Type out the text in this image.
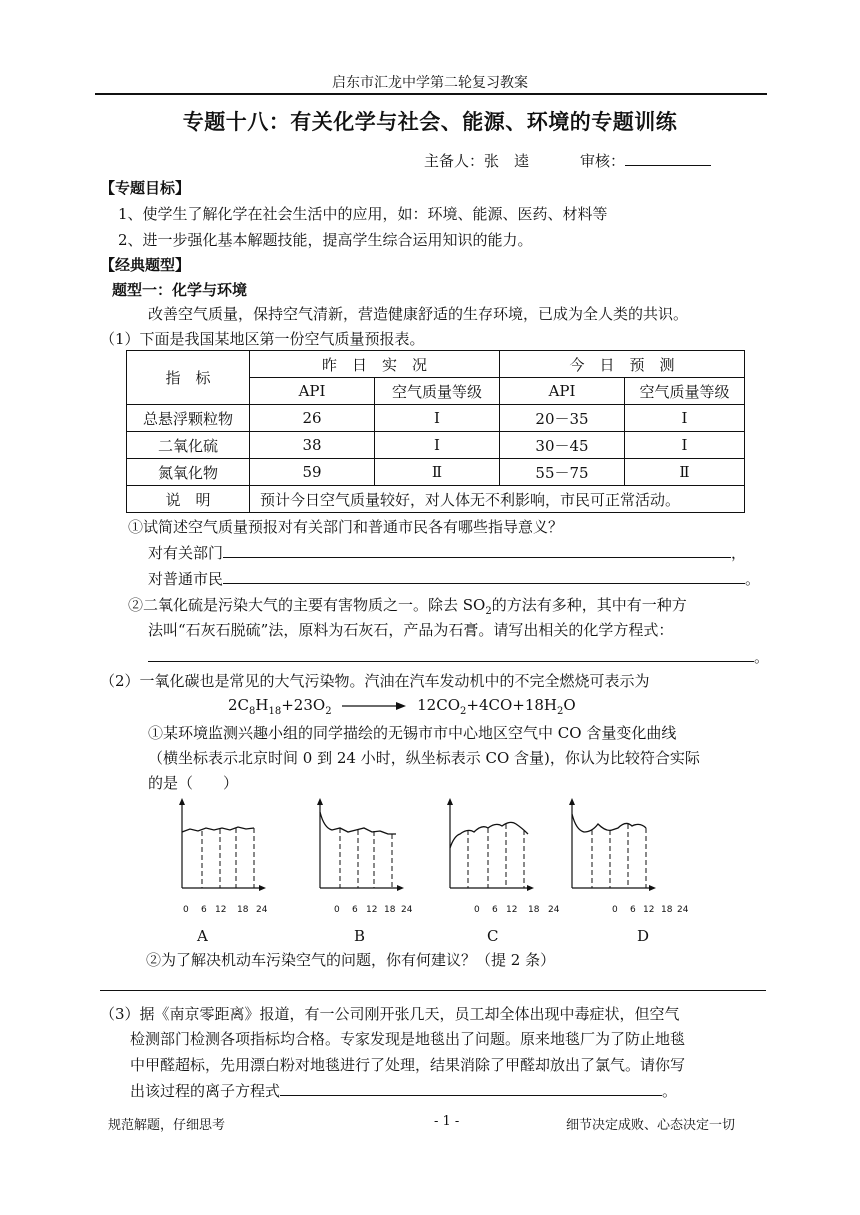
启东市汇龙中学第二轮复习教案
专题十八：有关化学与社会、能源、环境的专题训练
主备人：张　逵	审核：
【专题目标】
1、使学生了解化学在社会生活中的应用，如：环境、能源、医药、材料等
2、进一步强化基本解题技能，提高学生综合运用知识的能力。
【经典题型】
题型一：化学与环境
改善空气质量，保持空气清新，营造健康舒适的生存环境，已成为全人类的共识。
（1）下面是我国某地区第一份空气质量预报表。
指　标	昨　日　实　况		今　日　预　测	
	API	空气质量等级	API	空气质量等级
总悬浮颗粒物	26	Ⅰ	20－35	Ⅰ
二氧化硫	38	Ⅰ	30－45	Ⅰ
氮氧化物	59	Ⅱ	55－75	Ⅱ
说　明	预计今日空气质量较好，对人体无不利影响，市民可正常活动。			
①试简述空气质量预报对有关部门和普通市民各有哪些指导意义？
对有关部门	，
对普通市民	。
②二氧化硫是污染大气的主要有害物质之一。除去 $SO_2$的方法有多种，其中有一种方
法叫“石灰石脱硫”法，原料为石灰石，产品为石膏。请写出相关的化学方程式：
。
（2）一氧化碳也是常见的大气污染物。汽油在汽车发动机中的不完全燃烧可表示为
$2C_8H_{18}+23O_2$	$12CO_2+4CO+18H_2O$
①某环境监测兴趣小组的同学描绘的无锡市市中心地区空气中 CO 含量变化曲线
（横坐标表示北京时间 0 到 24 小时，纵坐标表示 CO 含量)，你认为比较符合实际
的是（　　）
0 6 12 18 24
A
0 6 12 18 24
B
0 6 12 18 24
C
0 6 12 18 24
D
②为了解决机动车污染空气的问题，你有何建议？（提 2 条）
（3）据《南京零距离》报道，有一公司刚开张几天，员工却全体出现中毒症状，但空气
检测部门检测各项指标均合格。专家发现是地毯出了问题。原来地毯厂为了防止地毯
中甲醛超标，先用漂白粉对地毯进行了处理，结果消除了甲醛却放出了氯气。请你写
出该过程的离子方程式	。
规范解题，仔细思考	- 1 -	细节决定成败、心态决定一切
